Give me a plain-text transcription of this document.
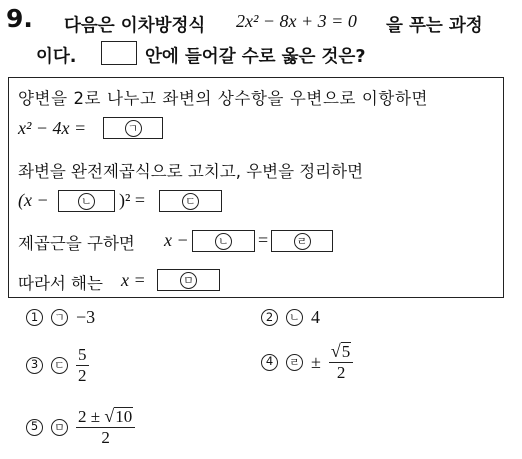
9. 다음은 이차방정식 2x² − 8x + 3 = 0 을 푸는 과정
이다.	안에 들어갈 수로 옳은 것은?
양변을 2로 나누고 좌변의 상수항을 우변으로 이항하면
x² − 4x =	ㄱ
좌변을 완전제곱식으로 고치고, 우변을 정리하면
(x −	ㄴ )² =	ㄷ
제곱근을 구하면 x −	ㄴ =	ㄹ
따라서 해는 x =	ㅁ
1	ㄱ −3	2	ㄴ 4
3	ㄷ $\frac{5}{2}$	4	ㄹ ± $\frac{√ 5}{2}$
5	ㅁ $\frac{2 \pm √ 10}{2}$
